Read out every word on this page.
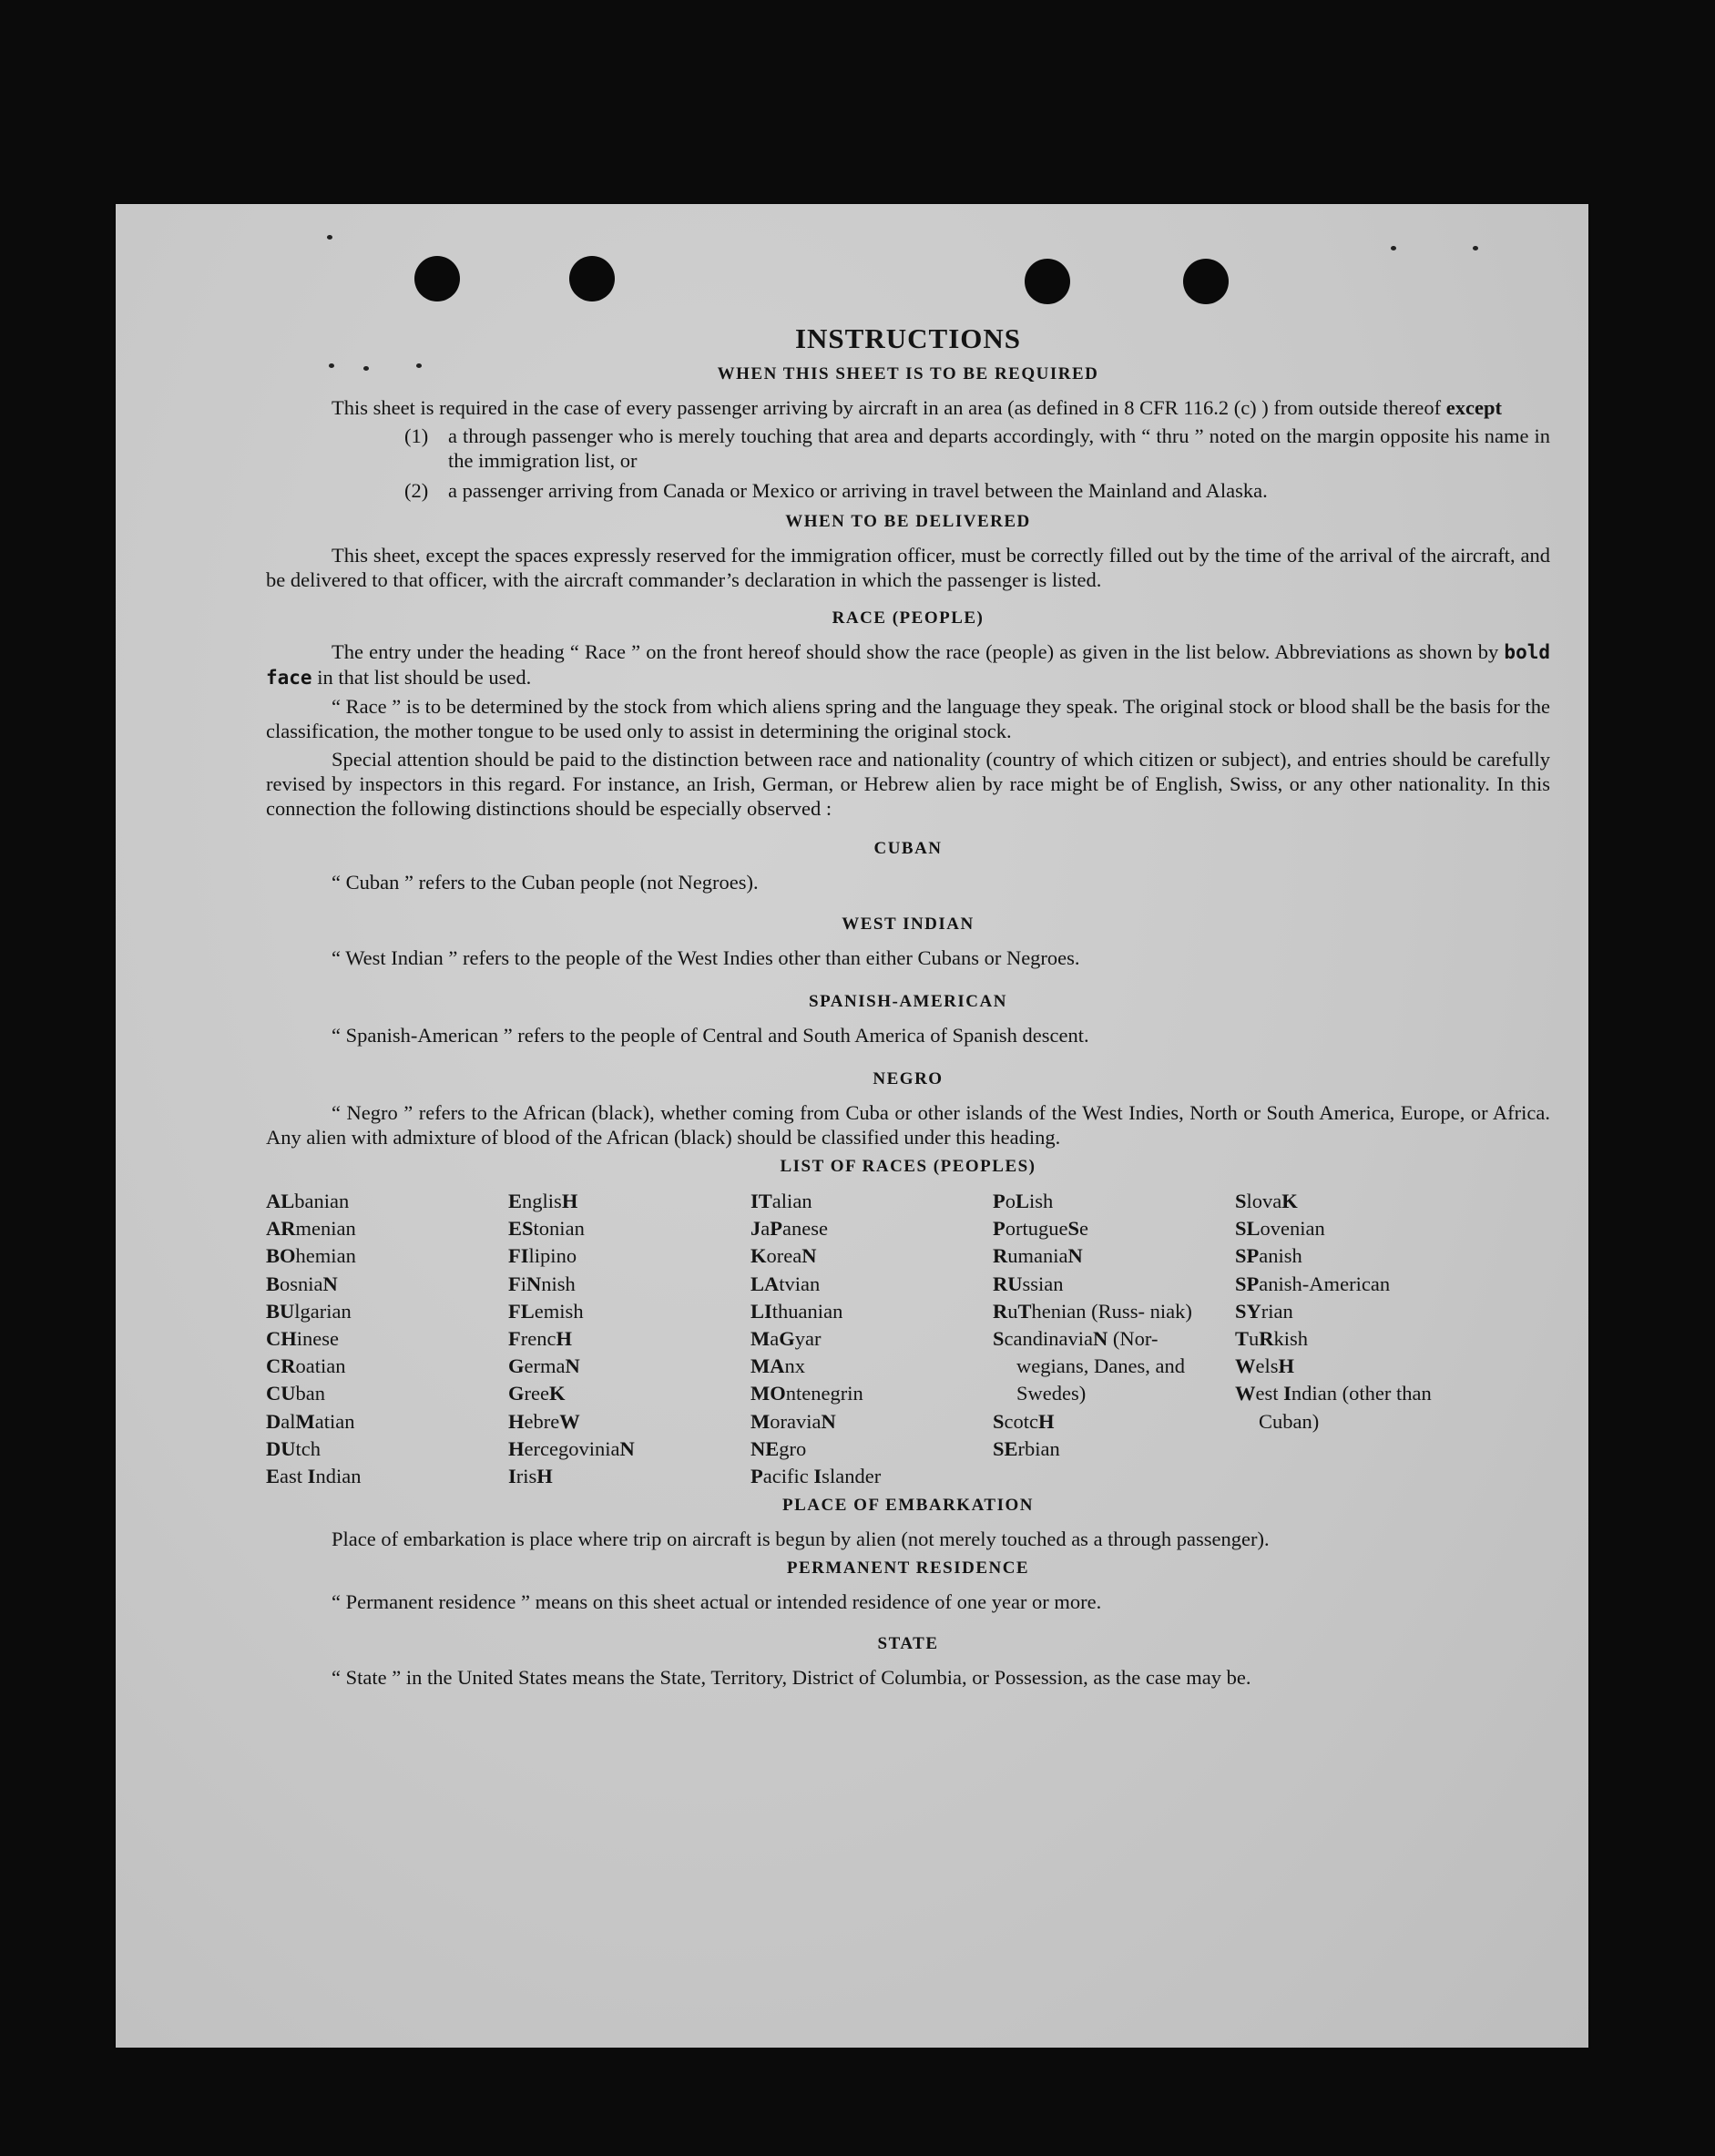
INSTRUCTIONS
WHEN THIS SHEET IS TO BE REQUIRED

This sheet is required in the case of every passenger arriving by aircraft in an area (as defined in 8 CFR 116.2 (c) ) from outside thereof except

(1) a through passenger who is merely touching that area and departs accordingly, with “ thru ” noted on the margin opposite his name in the immigration list, or
(2) a passenger arriving from Canada or Mexico or arriving in travel between the Mainland and Alaska.
WHEN TO BE DELIVERED

This sheet, except the spaces expressly reserved for the immigration officer, must be correctly filled out by the time of the arrival of the aircraft, and be delivered to that officer, with the aircraft commander’s declaration in which the passenger is listed.

RACE (PEOPLE)

The entry under the heading “ Race ” on the front hereof should show the race (people) as given in the list below. Abbreviations as shown by bold face in that list should be used.

“ Race ” is to be determined by the stock from which aliens spring and the language they speak. The original stock or blood shall be the basis for the classification, the mother tongue to be used only to assist in determining the original stock.

Special attention should be paid to the distinction between race and nationality (country of which citizen or subject), and entries should be carefully revised by inspectors in this regard. For instance, an Irish, German, or Hebrew alien by race might be of English, Swiss, or any other nationality. In this connection the following distinctions should be especially observed :

CUBAN

“ Cuban ” refers to the Cuban people (not Negroes).

WEST INDIAN

“ West Indian ” refers to the people of the West Indies other than either Cubans or Negroes.

SPANISH-AMERICAN

“ Spanish-American ” refers to the people of Central and South America of Spanish descent.

NEGRO

“ Negro ” refers to the African (black), whether coming from Cuba or other islands of the West Indies, North or South America, Europe, or Africa. Any alien with admixture of blood of the African (black) should be classified under this heading.

LIST OF RACES (PEOPLES)
ALbanian
ARmenian
BOhemian
BosniaN
BUlgarian
CHinese
CRoatian
CUban
DalMatian
DUtch
East Indian
EnglisH
EStonian
FIlipino
FiNnish
FLemish
FrencH
GermaN
GreeK
HebreW
HercegoviniaN
IrisH
ITalian
JaPanese
KoreaN
LAtvian
LIthuanian
MaGyar
MAnx
MOntenegrin
MoraviaN
NEgro
Pacific Islander
PoLish
PortugueSe
RumaniaN
RUssian
RuThenian (Russ- niak)
ScandinaviaN (Nor- wegians, Danes, and Swedes)
ScotcH
SErbian
SlovaK
SLovenian
SPanish
SPanish-American
SYrian
TuRkish
WelsH
West Indian (other than Cuban)
PLACE OF EMBARKATION

Place of embarkation is place where trip on aircraft is begun by alien (not merely touched as a through passenger).

PERMANENT RESIDENCE

“ Permanent residence ” means on this sheet actual or intended residence of one year or more.

STATE

“ State ” in the United States means the State, Territory, District of Columbia, or Possession, as the case may be.
